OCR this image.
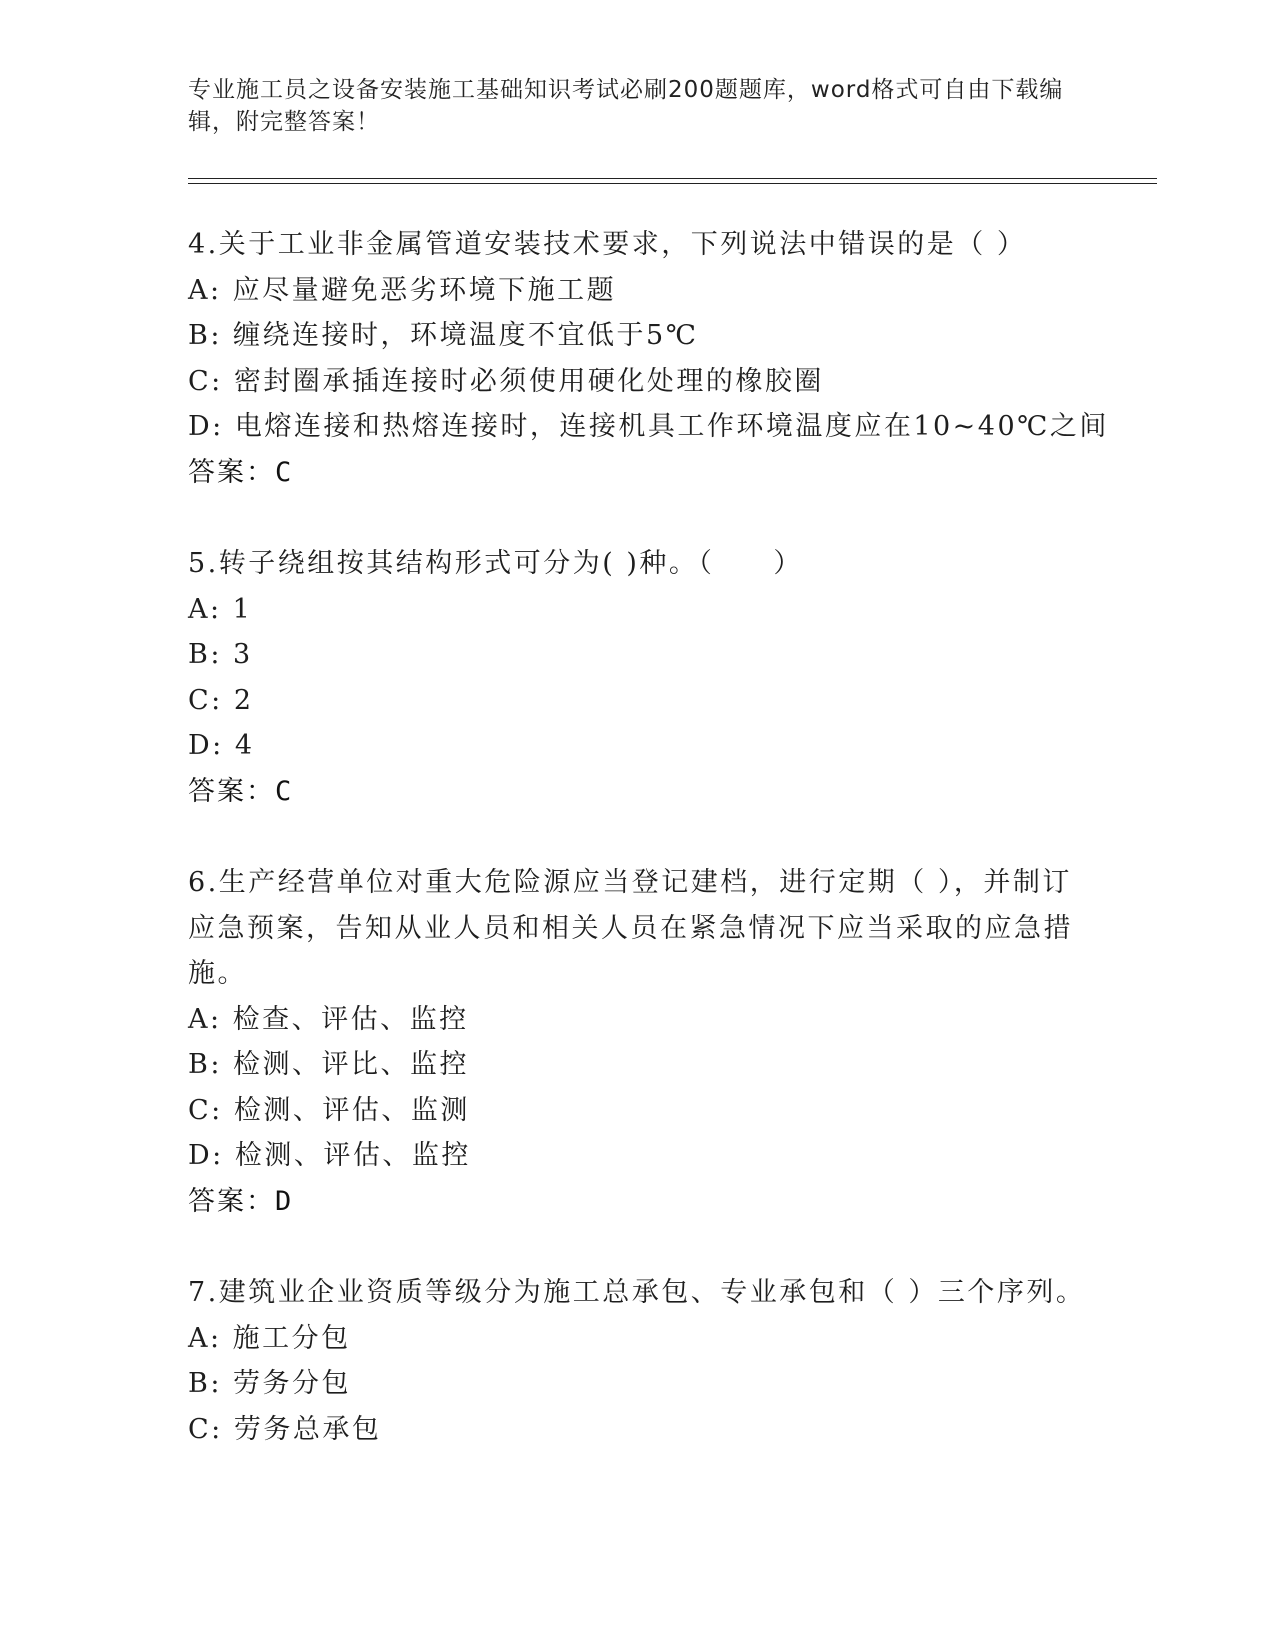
专业施工员之设备安装施工基础知识考试必刷200题题库，word格式可自由下载编辑，附完整答案！
4.关于工业非金属管道安装技术要求，下列说法中错误的是（ ）
A: 应尽量避免恶劣环境下施工题
B: 缠绕连接时，环境温度不宜低于5℃
C: 密封圈承插连接时必须使用硬化处理的橡胶圈
D: 电熔连接和热熔连接时，连接机具工作环境温度应在10~40℃之间
答案：C
5.转子绕组按其结构形式可分为( )种。（　　）
A: 1
B: 3
C: 2
D: 4
答案：C
6.生产经营单位对重大危险源应当登记建档，进行定期（ ），并制订应急预案，告知从业人员和相关人员在紧急情况下应当采取的应急措施。
A: 检查、评估、监控
B: 检测、评比、监控
C: 检测、评估、监测
D: 检测、评估、监控
答案：D
7.建筑业企业资质等级分为施工总承包、专业承包和（ ）三个序列。
A: 施工分包
B: 劳务分包
C: 劳务总承包
